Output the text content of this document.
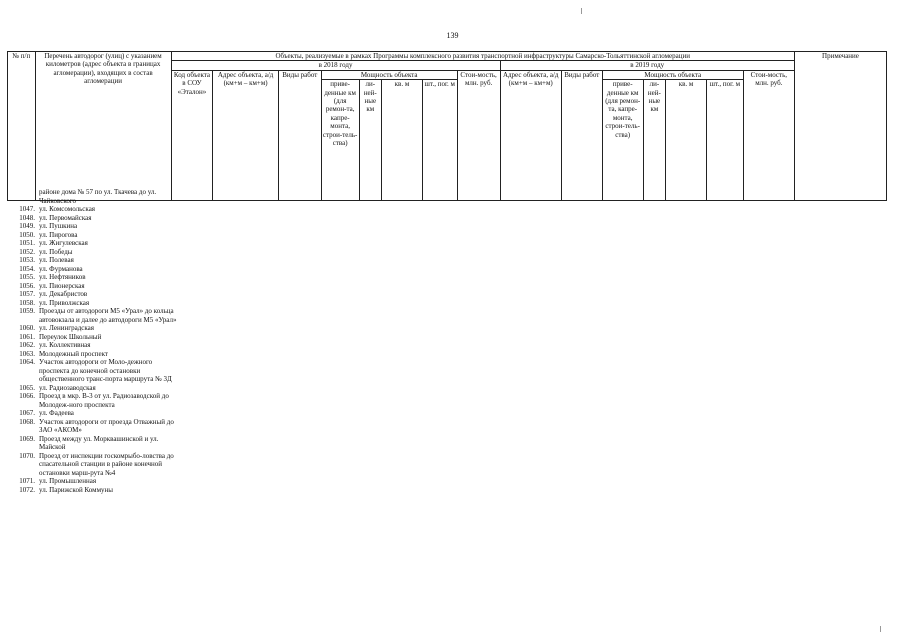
139
№ п/п	Перечень автодорог (улиц) с указанием километров (адрес объекта в границах агломерации), входящих в состав агломерации	Объекты, реализуемые в рамках Программы комплексного развития транспортной инфраструктуры Самарско-Тольяттинской агломерации															Примечание
		в 2018 году								в 2019 году							
		Код объекта в СОУ «Эталон»	Адрес объекта, а/д (км+м – км+м)	Виды работ	Мощность объекта				Стои-мость, млн. руб.	Адрес объекта, а/д (км+м – км+м)	Виды работ	Мощность объекта				Стои-мость, млн. руб.	
					приве-денные км (для ремон-та, капре-монта, строи-тель-ства)	ли-ней-ные км	кв. м	шт., пог. м				приве-денные км (для ремон-та, капре-монта, строи-тель-ства)	ли-ней-ные км	кв. м	шт., пог. м		
районе дома № 57 по ул. Ткачева до ул. Чайковского
1047. ул. Комсомольская
1048. ул. Первомайская
1049. ул. Пушкина
1050. ул. Пирогова
1051. ул. Жигулевская
1052. ул. Победы
1053. ул. Полевая
1054. ул. Фурманова
1055. ул. Нефтяников
1056. ул. Пионерская
1057. ул. Декабристов
1058. ул. Приволжская
1059. Проезды от автодороги М5 «Урал» до кольца автовокзала и далее до автодороги М5 «Урал»
1060. ул. Ленинградская
1061. Переулок Школьный
1062. ул. Коллективная
1063. Молодежный проспект
1064. Участок автодороги от Моло-дежного проспекта до конечной остановки общественного транс-порта маршрута № 3Д
1065. ул. Радиозаводская
1066. Проезд в мкр. В-3 от ул. Радиозаводской до Молодеж-ного проспекта
1067. ул. Фадеева
1068. Участок автодороги от проезда Отважный до ЗАО «АКОМ»
1069. Проезд между ул. Морквашинской и ул. Майской
1070. Проезд от инспекции госкомрыбо-ловства до спасательной станции в районе конечной остановки марш-рута №4
1071. ул. Промышленная
1072. ул. Парижской Коммуны
